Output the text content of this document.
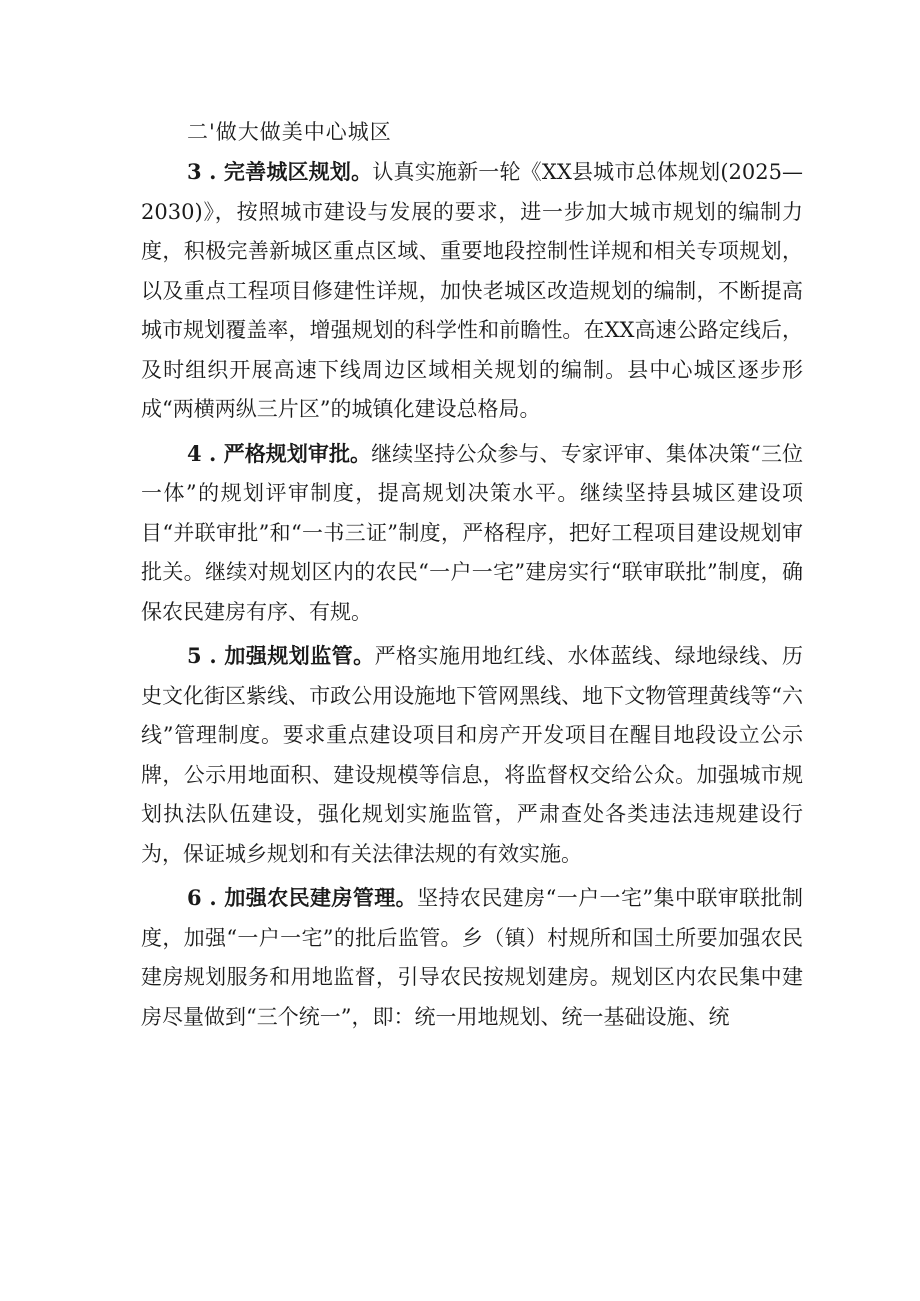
二'做大做美中心城区

3 . 完善城区规划。认真实施新一轮《XX县城市总体规划(2025—2030)》，按照城市建设与发展的要求，进一步加大城市规划的编制力度，积极完善新城区重点区域、重要地段控制性详规和相关专项规划，以及重点工程项目修建性详规，加快老城区改造规划的编制，不断提高城市规划覆盖率，增强规划的科学性和前瞻性。在XX高速公路定线后，及时组织开展高速下线周边区域相关规划的编制。县中心城区逐步形成“两横两纵三片区”的城镇化建设总格局。

4 . 严格规划审批。继续坚持公众参与、专家评审、集体决策“三位一体”的规划评审制度，提高规划决策水平。继续坚持县城区建设项目“并联审批”和“一书三证”制度，严格程序，把好工程项目建设规划审批关。继续对规划区内的农民“一户一宅”建房实行“联审联批”制度，确保农民建房有序、有规。

5 . 加强规划监管。严格实施用地红线、水体蓝线、绿地绿线、历史文化街区紫线、市政公用设施地下管网黑线、地下文物管理黄线等“六线”管理制度。要求重点建设项目和房产开发项目在醒目地段设立公示牌，公示用地面积、建设规模等信息，将监督权交给公众。加强城市规划执法队伍建设，强化规划实施监管，严肃查处各类违法违规建设行为，保证城乡规划和有关法律法规的有效实施。

6 . 加强农民建房管理。坚持农民建房“一户一宅”集中联审联批制度，加强“一户一宅”的批后监管。乡（镇）村规所和国土所要加强农民建房规划服务和用地监督，引导农民按规划建房。规划区内农民集中建房尽量做到“三个统一”，即：统一用地规划、统一基础设施、统
